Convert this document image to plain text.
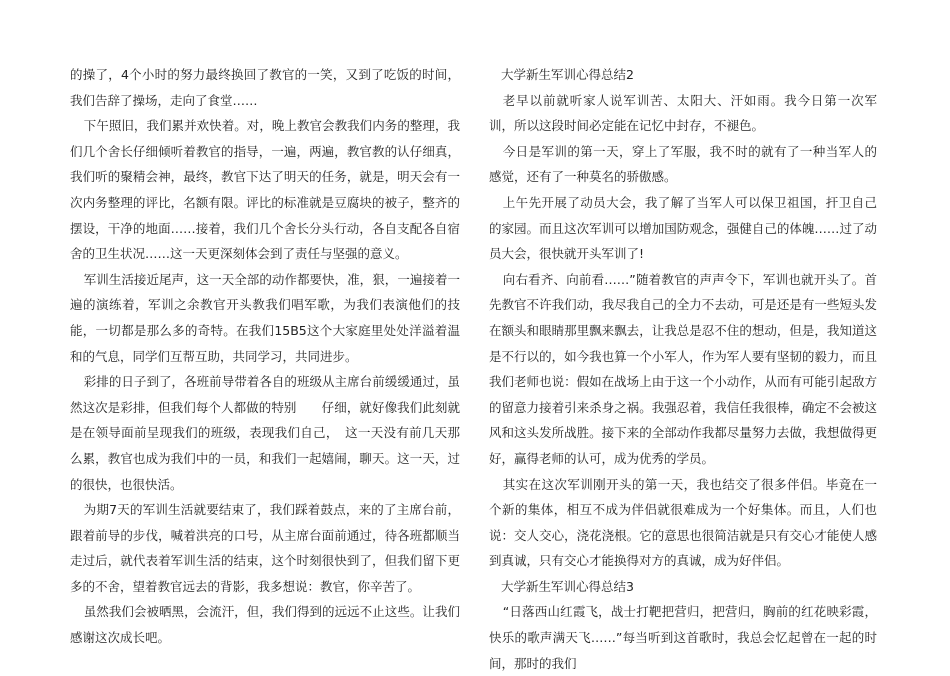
的操了，4个小时的努力最终换回了教官的一笑，又到了吃饭的时间，我们告辞了操场，走向了食堂……

下午照旧，我们累并欢快着。对，晚上教官会教我们内务的整理，我们几个舍长仔细倾听着教官的指导，一遍，两遍，教官教的认仔细真，我们听的聚精会神，最终，教官下达了明天的任务，就是，明天会有一次内务整理的评比，名额有限。评比的标准就是豆腐块的被子，整齐的摆设，干净的地面……接着，我们几个舍长分头行动，各自支配各自宿舍的卫生状况……这一天更深刻体会到了责任与坚强的意义。

军训生活接近尾声，这一天全部的动作都要快，准，狠，一遍接着一遍的演练着，军训之余教官开头教我们唱军歌，为我们表演他们的技能，一切都是那么多的奇特。在我们15B5这个大家庭里处处洋溢着温和的气息，同学们互帮互助，共同学习，共同进步。

彩排的日子到了，各班前导带着各自的班级从主席台前缓缓通过，虽然这次是彩排，但我们每个人都做的特别　　仔细，就好像我们此刻就是在领导面前呈现我们的班级，表现我们自己，　这一天没有前几天那么累，教官也成为我们中的一员，和我们一起嬉闹，聊天。这一天，过的很快，也很快活。

为期7天的军训生活就要结束了，我们踩着鼓点，来的了主席台前，跟着前导的步伐，喊着洪亮的口号，从主席台面前通过，待各班都顺当走过后，就代表着军训生活的结束，这个时刻很快到了，但我们留下更多的不舍，望着教官远去的背影，我多想说：教官，你辛苦了。

虽然我们会被晒黑，会流汗，但，我们得到的远远不止这些。让我们感谢这次成长吧。

大学新生军训心得总结2

老早以前就听家人说军训苦、太阳大、汗如雨。我今日第一次军训，所以这段时间必定能在记忆中封存，不褪色。

今日是军训的第一天，穿上了军服，我不时的就有了一种当军人的感觉，还有了一种莫名的骄傲感。

上午先开展了动员大会，我了解了当军人可以保卫祖国，扞卫自己的家园。而且这次军训可以增加国防观念，强健自己的体魄……过了动员大会，很快就开头军训了!

向右看齐、向前看……”随着教官的声声令下，军训也就开头了。首先教官不许我们动，我尽我自己的全力不去动，可是还是有一些短头发在额头和眼睛那里飘来飘去，让我总是忍不住的想动，但是，我知道这是不行以的，如今我也算一个小军人，作为军人要有坚韧的毅力，而且我们老师也说：假如在战场上由于这一个小动作，从而有可能引起敌方的留意力接着引来杀身之祸。我强忍着，我信任我很棒，确定不会被这风和这头发所战胜。接下来的全部动作我都尽量努力去做，我想做得更好，赢得老师的认可，成为优秀的学员。

其实在这次军训刚开头的第一天，我也结交了很多伴侣。毕竟在一个新的集体，相互不成为伴侣就很难成为一个好集体。而且，人们也说：交人交心，浇花浇根。它的意思也很简洁就是只有交心才能使人感到真诚，只有交心才能换得对方的真诚，成为好伴侣。

大学新生军训心得总结3

“日落西山红霞飞，战士打靶把营归，把营归，胸前的红花映彩霞，快乐的歌声满天飞……”每当听到这首歌时，我总会忆起曾在一起的时间，那时的我们
